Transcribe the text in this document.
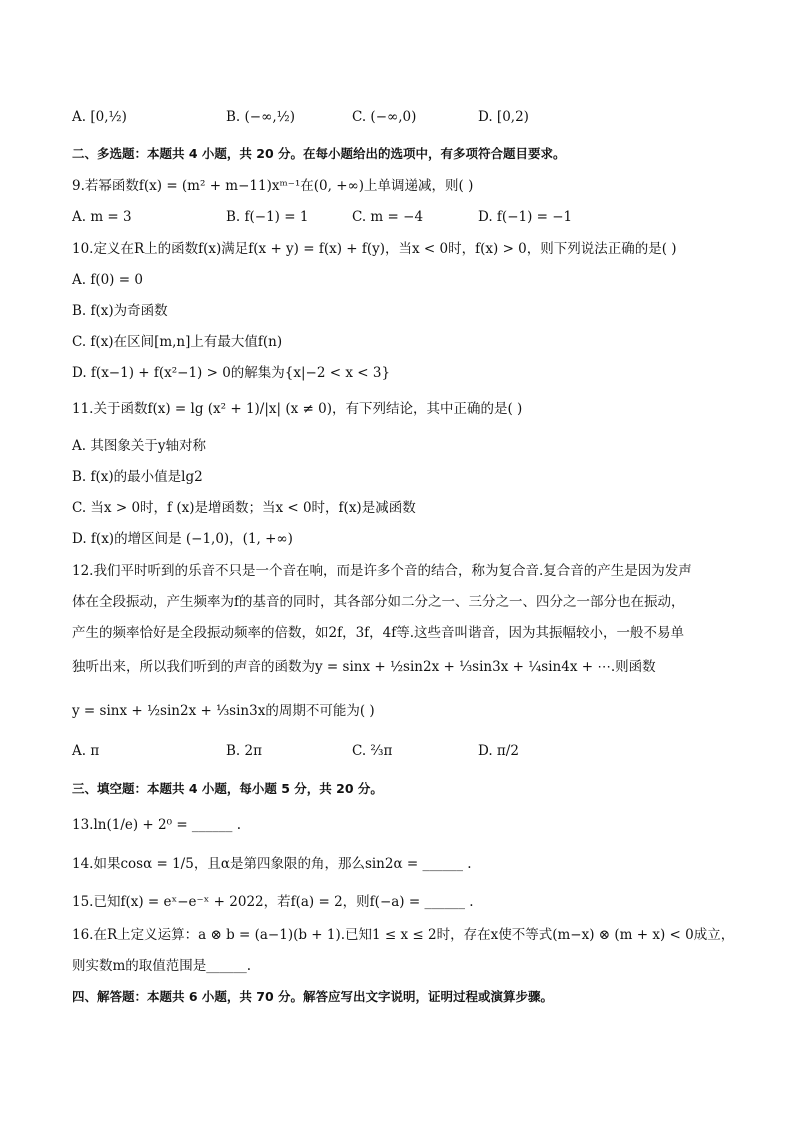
A. [0,½)	B. (−∞,½)	C. (−∞,0)	D. [0,2)
二、多选题：本题共 4 小题，共 20 分。在每小题给出的选项中，有多项符合题目要求。
9.若幂函数f(x) = (m² + m−11)xᵐ⁻¹在(0, +∞)上单调递减，则( )
A. m = 3	B. f(−1) = 1	C. m = −4	D. f(−1) = −1
10.定义在R上的函数f(x)满足f(x + y) = f(x) + f(y)，当x < 0时，f(x) > 0，则下列说法正确的是( )
A. f(0) = 0
B. f(x)为奇函数
C. f(x)在区间[m,n]上有最大值f(n)
D. f(x−1) + f(x²−1) > 0的解集为{x|−2 < x < 3}
11.关于函数f(x) = lg (x² + 1)/|x| (x ≠ 0)，有下列结论，其中正确的是( )
A. 其图象关于y轴对称
B. f(x)的最小值是lg2
C. 当x > 0时，f (x)是增函数；当x < 0时，f(x)是减函数
D. f(x)的增区间是 (−1,0)，(1, +∞)
12.我们平时听到的乐音不只是一个音在响，而是许多个音的结合，称为复合音.复合音的产生是因为发声
体在全段振动，产生频率为f的基音的同时，其各部分如二分之一、三分之一、四分之一部分也在振动，
产生的频率恰好是全段振动频率的倍数，如2f，3f，4f等.这些音叫谐音，因为其振幅较小，一般不易单
独听出来，所以我们听到的声音的函数为y = sinx + ½sin2x + ⅓sin3x + ¼sin4x + ⋯.则函数
y = sinx + ½sin2x + ⅓sin3x的周期不可能为( )
A. π	B. 2π	C. ⅔π	D. π/2
三、填空题：本题共 4 小题，每小题 5 分，共 20 分。
13.ln(1/e) + 2⁰ = ______ .
14.如果cosα = 1/5，且α是第四象限的角，那么sin2α = ______ .
15.已知f(x) = eˣ−e⁻ˣ + 2022，若f(a) = 2，则f(−a) = ______ .
16.在R上定义运算：a ⊗ b = (a−1)(b + 1).已知1 ≤ x ≤ 2时，存在x使不等式(m−x) ⊗ (m + x) < 0成立，
则实数m的取值范围是______.
四、解答题：本题共 6 小题，共 70 分。解答应写出文字说明，证明过程或演算步骤。
